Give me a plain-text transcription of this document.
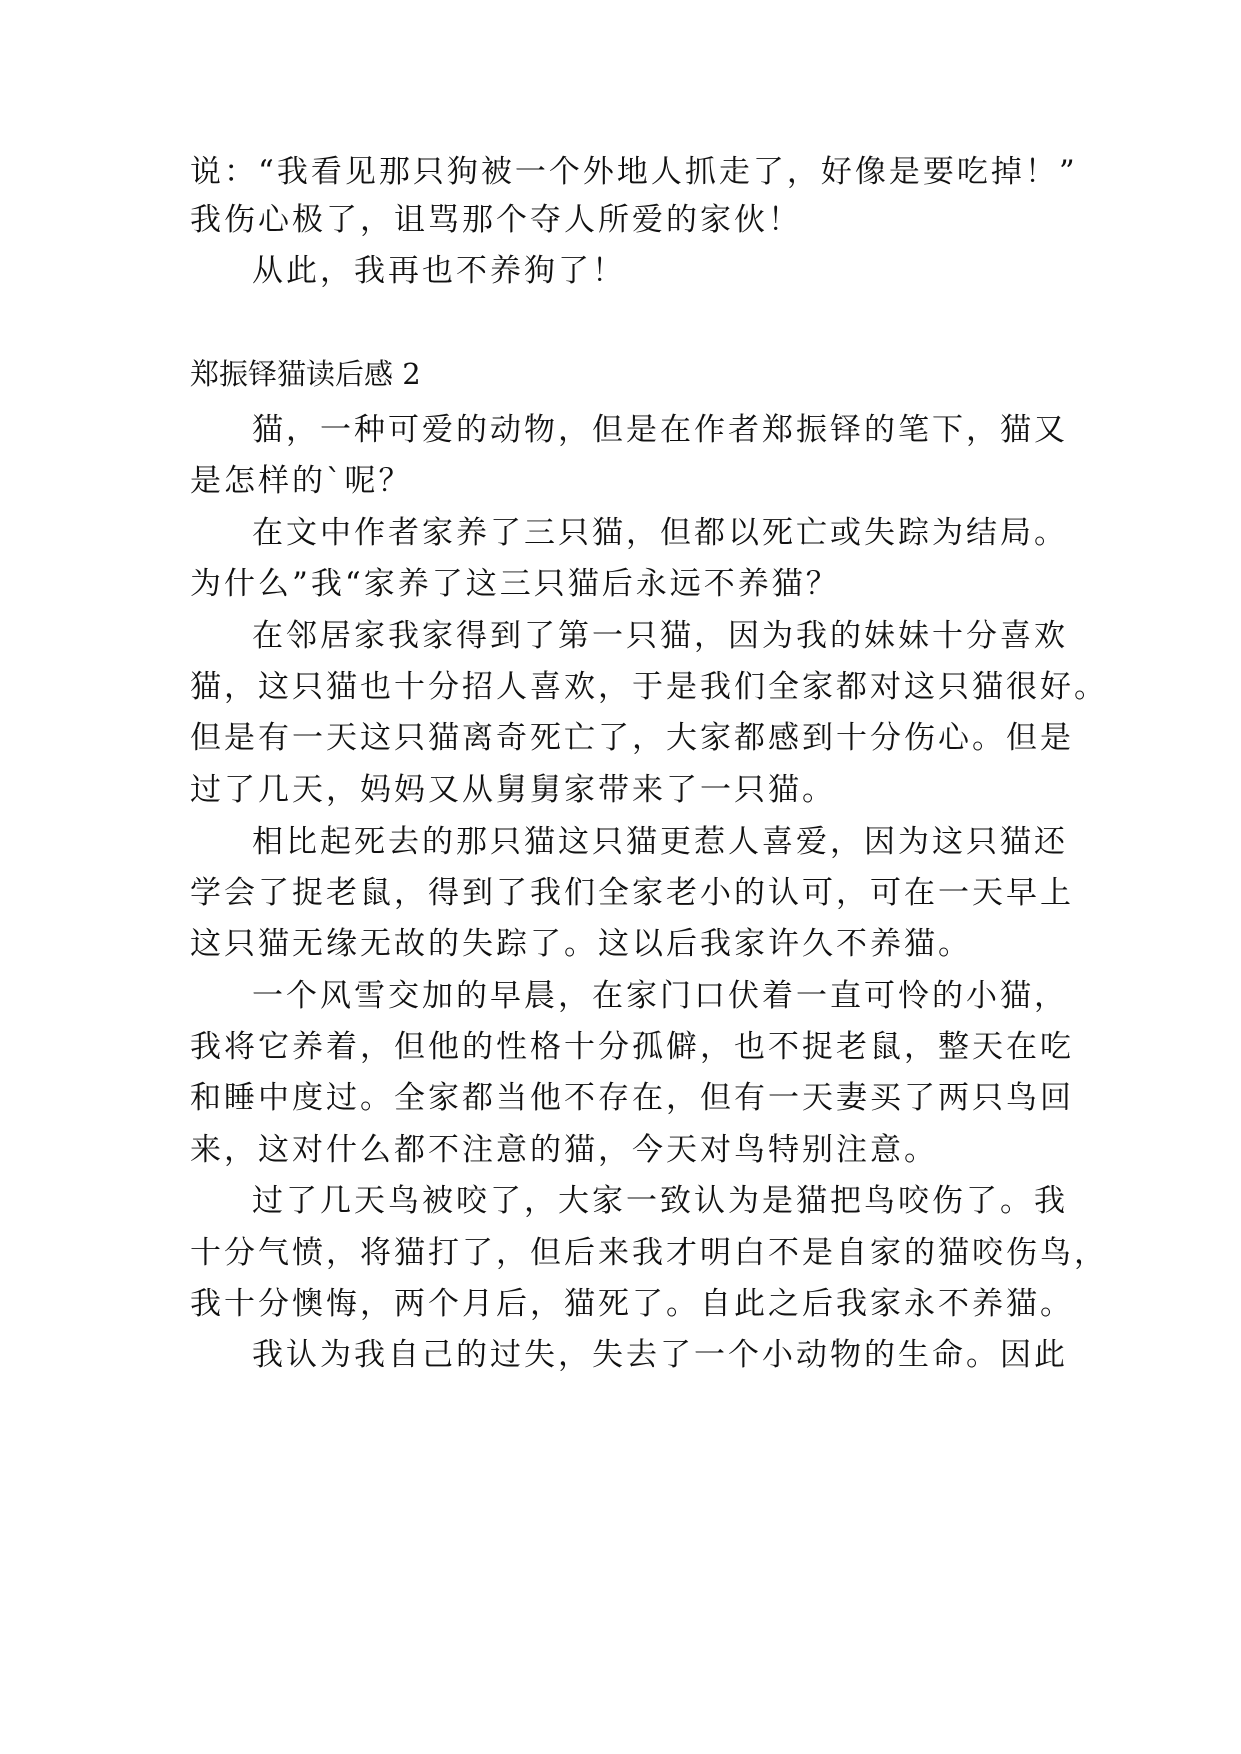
说：“我看见那只狗被一个外地人抓走了，好像是要吃掉！”
我伤心极了，诅骂那个夺人所爱的家伙！
从此，我再也不养狗了！
郑振铎猫读后感 2
猫，一种可爱的动物，但是在作者郑振铎的笔下，猫又
是怎样的`呢？
在文中作者家养了三只猫，但都以死亡或失踪为结局。
为什么”我“家养了这三只猫后永远不养猫？
在邻居家我家得到了第一只猫，因为我的妹妹十分喜欢
猫，这只猫也十分招人喜欢，于是我们全家都对这只猫很好。
但是有一天这只猫离奇死亡了，大家都感到十分伤心。但是
过了几天，妈妈又从舅舅家带来了一只猫。
相比起死去的那只猫这只猫更惹人喜爱，因为这只猫还
学会了捉老鼠，得到了我们全家老小的认可，可在一天早上
这只猫无缘无故的失踪了。这以后我家许久不养猫。
一个风雪交加的早晨，在家门口伏着一直可怜的小猫，
我将它养着，但他的性格十分孤僻，也不捉老鼠，整天在吃
和睡中度过。全家都当他不存在，但有一天妻买了两只鸟回
来，这对什么都不注意的猫，今天对鸟特别注意。
过了几天鸟被咬了，大家一致认为是猫把鸟咬伤了。我
十分气愤，将猫打了，但后来我才明白不是自家的猫咬伤鸟，
我十分懊悔，两个月后，猫死了。自此之后我家永不养猫。
我认为我自己的过失，失去了一个小动物的生命。因此
